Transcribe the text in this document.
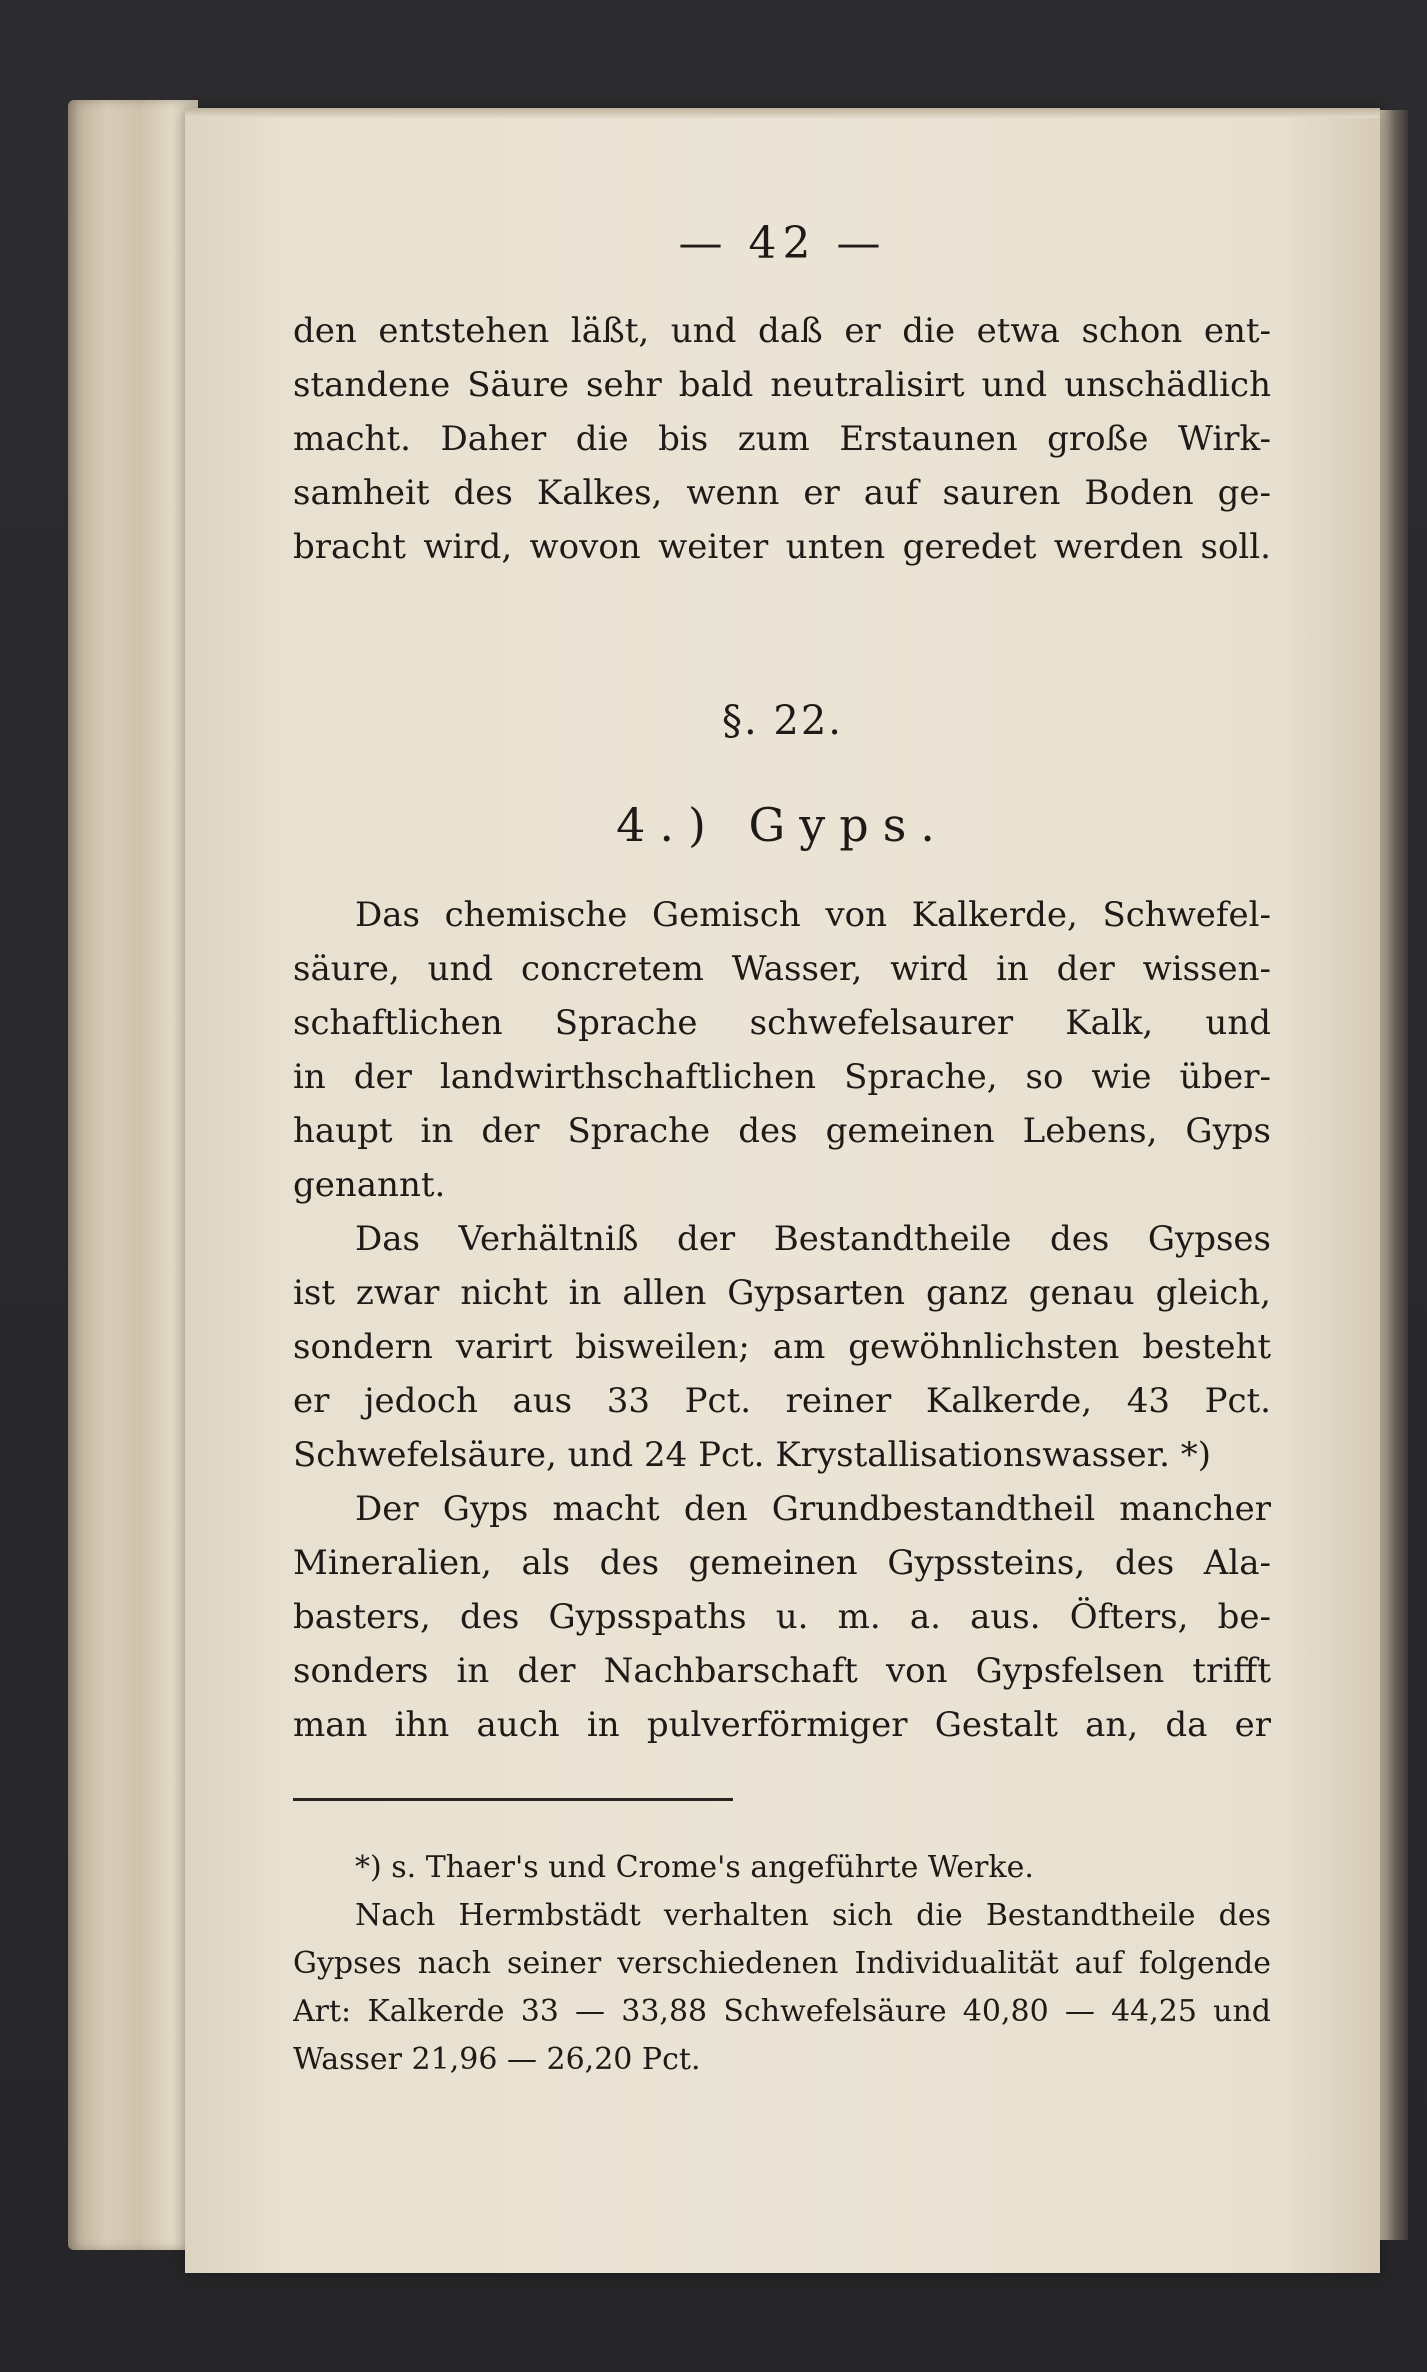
— 42 —
den entstehen läßt, und daß er die etwa schon ent-
standene Säure sehr bald neutralisirt und unschädlich
macht. Daher die bis zum Erstaunen große Wirk-
samheit des Kalkes, wenn er auf sauren Boden ge-
bracht wird, wovon weiter unten geredet werden soll.
§. 22.
4.) Gyps.
Das chemische Gemisch von Kalkerde, Schwefel-
säure, und concretem Wasser, wird in der wissen-
schaftlichen Sprache schwefelsaurer Kalk, und
in der landwirthschaftlichen Sprache, so wie über-
haupt in der Sprache des gemeinen Lebens, Gyps
genannt.
Das Verhältniß der Bestandtheile des Gypses
ist zwar nicht in allen Gypsarten ganz genau gleich,
sondern varirt bisweilen; am gewöhnlichsten besteht
er jedoch aus 33 Pct. reiner Kalkerde, 43 Pct.
Schwefelsäure, und 24 Pct. Krystallisationswasser. *)
Der Gyps macht den Grundbestandtheil mancher
Mineralien, als des gemeinen Gypssteins, des Ala-
basters, des Gypsspaths u. m. a. aus. Öfters, be-
sonders in der Nachbarschaft von Gypsfelsen trifft
man ihn auch in pulverförmiger Gestalt an, da er
*) s. Thaer's und Crome's angeführte Werke.
Nach Hermbstädt verhalten sich die Bestandtheile des
Gypses nach seiner verschiedenen Individualität auf folgende
Art: Kalkerde 33 — 33,88 Schwefelsäure 40,80 — 44,25 und
Wasser 21,96 — 26,20 Pct.
